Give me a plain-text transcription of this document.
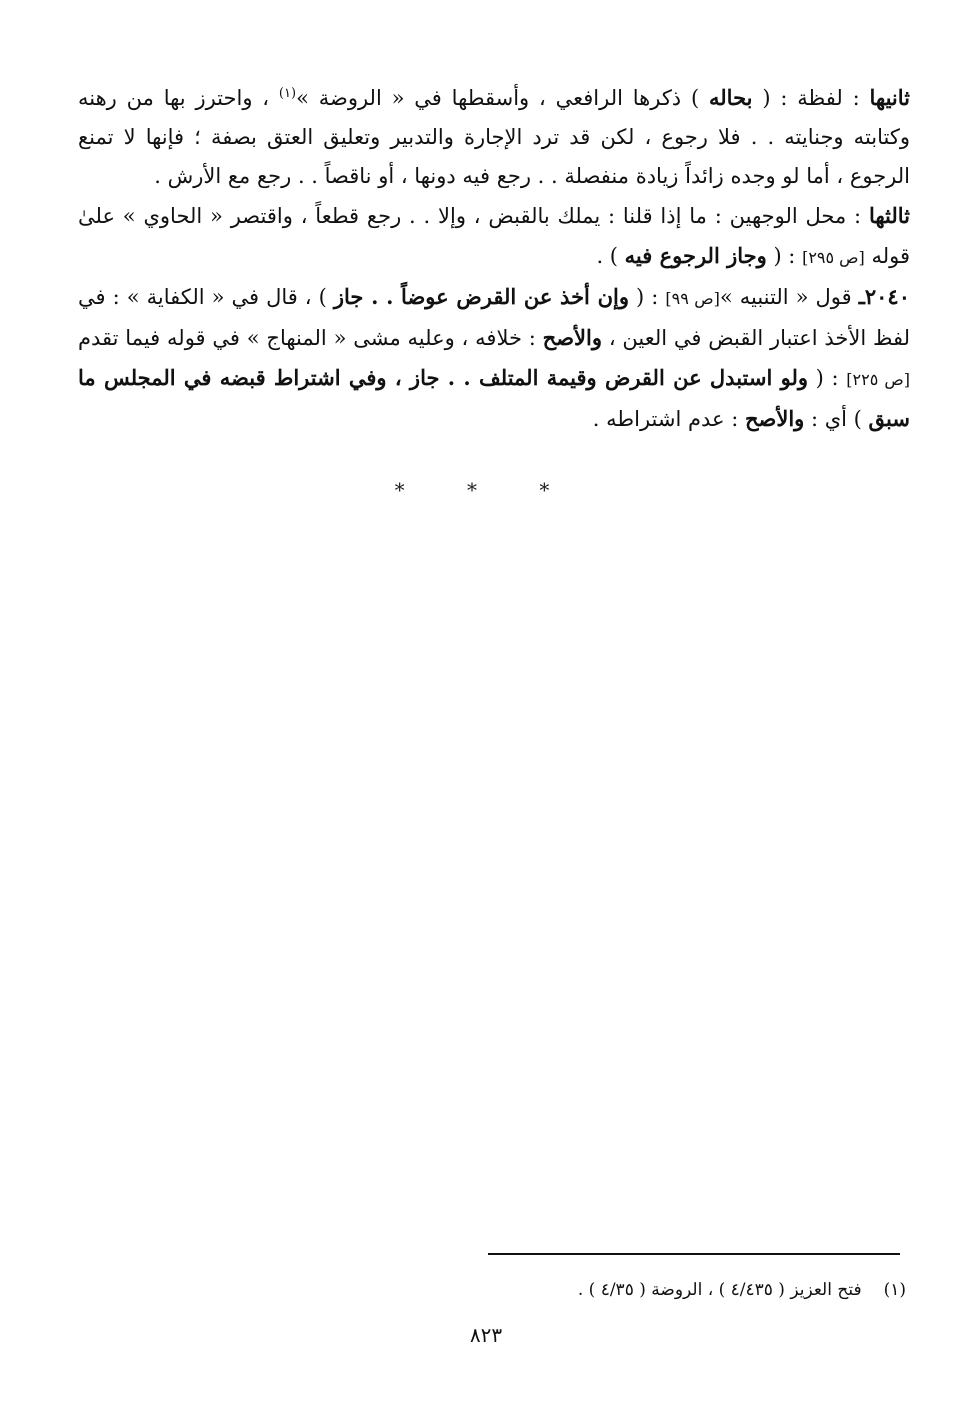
ثانيها : لفظة : ( بحاله ) ذكرها الرافعي ، وأسقطها في « الروضة »$^{(١)}$ ، واحترز بها من رهنه وكتابته وجنايته . . فلا رجوع ، لكن قد ترد الإجارة والتدبير وتعليق العتق بصفة ؛ فإنها لا تمنع الرجوع ، أما لو وجده زائداً زيادة منفصلة . . رجع فيه دونها ، أو ناقصاً . . رجع مع الأرش .

ثالثها : محل الوجهين : ما إذا قلنا : يملك بالقبض ، وإلا . . رجع قطعاً ، واقتصر « الحاوي » علىٰ قوله [ص ٢٩٥] : ( وجاز الرجوع فيه ) .

٢٠٤٠ـ قول « التنبيه »[ص ٩٩] : ( وإن أخذ عن القرض عوضاً . . جاز ) ، قال في « الكفاية » : في لفظ الأخذ اعتبار القبض في العين ، والأصح : خلافه ، وعليه مشى « المنهاج » في قوله فيما تقدم [ص ٢٢٥] : ( ولو استبدل عن القرض وقيمة المتلف . . جاز ، وفي اشتراط قبضه في المجلس ما سبق ) أي : والأصح : عدم اشتراطه .

* * *
(١)فتح العزيز ( ٤/٤٣٥ ) ، الروضة ( ٤/٣٥ ) .
٨٢٣
